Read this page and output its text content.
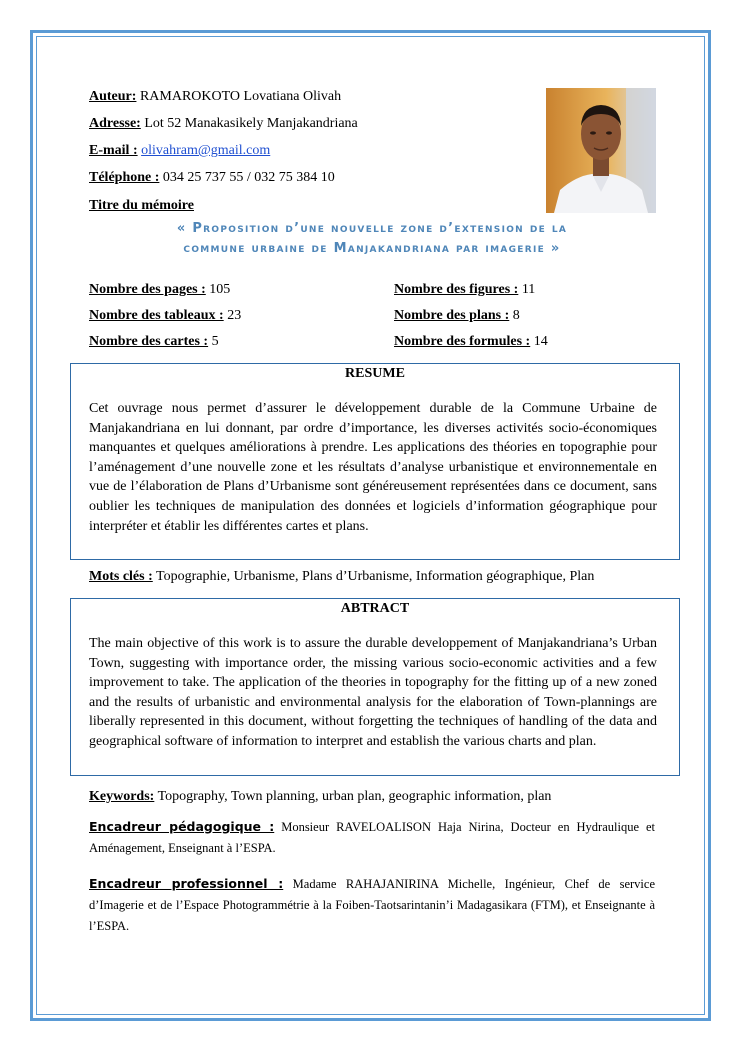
Auteur: RAMAROKOTO Lovatiana Olivah
Adresse: Lot 52 Manakasikely Manjakandriana
E-mail : olivahram@gmail.com
Téléphone : 034 25 737 55 / 032 75 384 10
Titre du mémoire
« Proposition d’une nouvelle zone d’extension de la
commune urbaine de Manjakandriana par imagerie »
Nombre des pages : 105
Nombre des tableaux : 23
Nombre des cartes : 5
Nombre des figures : 11
Nombre des plans : 8
Nombre des formules : 14
RESUME
Cet ouvrage nous permet d’assurer le développement durable de la Commune Urbaine de Manjakandriana en lui donnant, par ordre d’importance, les diverses activités socio-économiques manquantes et quelques améliorations à prendre. Les applications des théories en topographie pour l’aménagement d’une nouvelle zone et les résultats d’analyse urbanistique et environnementale en vue de l’élaboration de Plans d’Urbanisme sont généreusement représentées dans ce document, sans oublier les techniques de manipulation des données et logiciels d’information géographique pour interpréter et établir les différentes cartes et plans.
Mots clés : Topographie, Urbanisme, Plans d’Urbanisme, Information géographique, Plan
ABTRACT
The main objective of this work is to assure the durable developpement of Manjakandriana’s Urban Town, suggesting with importance order, the missing various socio-economic activities and a few improvement to take. The application of the theories in topography for the fitting up of a new zoned and the results of urbanistic and environmental analysis for the elaboration of Town-plannings are liberally represented in this document, without forgetting the techniques of handling of the data and geographical software of information to interpret and establish the various charts and plan.
Keywords: Topography, Town planning, urban plan, geographic information, plan
Encadreur pédagogique : Monsieur RAVELOALISON Haja Nirina, Docteur en Hydraulique et Aménagement, Enseignant à l’ESPA.
Encadreur professionnel : Madame RAHAJANIRINA Michelle, Ingénieur, Chef de service d’Imagerie et de l’Espace Photogrammétrie à la Foiben-Taotsarintanin’i Madagasikara (FTM), et Enseignante à l’ESPA.
